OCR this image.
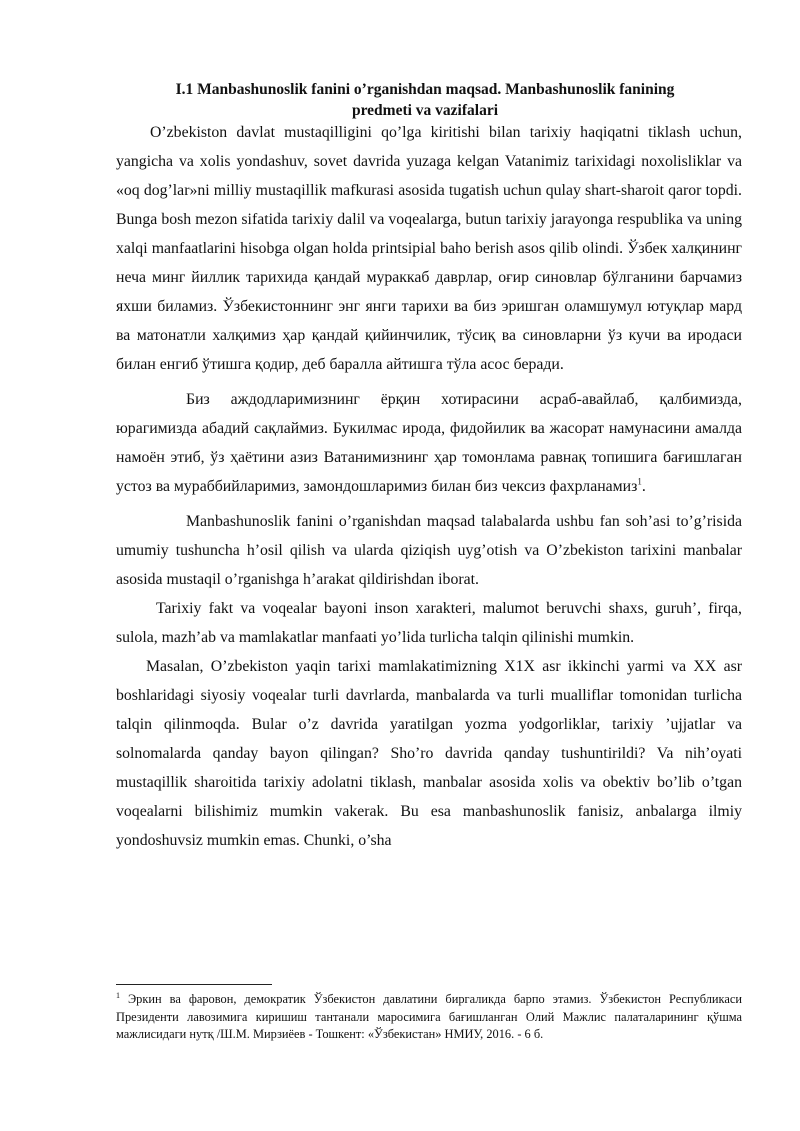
I.1 Manbashunoslik fanini o’rganishdan maqsad. Manbashunoslik fanining
predmeti va vazifalari

O’zbekiston davlat mustaqilligini qo’lga kiritishi bilan tarixiy haqiqatni tiklash uchun, yangicha va xolis yondashuv, sovet davrida yuzaga kelgan Vatanimiz tarixidagi noxolisliklar va «oq dog’lar»ni milliy mustaqillik mafkurasi asosida tugatish uchun qulay shart-sharoit qaror topdi. Bunga bosh mezon sifatida tarixiy dalil va voqealarga, butun tarixiy jarayonga respublika va uning xalqi manfaatlarini hisobga olgan holda printsipial baho berish asos qilib olindi. Ўзбек халқининг неча минг йиллик тарихида қандай мураккаб даврлар, оғир синовлар бўлганини барчамиз яхши биламиз. Ўзбекистоннинг энг янги тарихи ва биз эришган оламшумул ютуқлар мард ва матонатли халқимиз ҳар қандай қийинчилик, тўсиқ ва синовларни ўз кучи ва иродаси билан енгиб ўтишга қодир, деб баралла айтишга тўла асос беради.

Биз аждодларимизнинг ёрқин хотирасини асраб-авайлаб, қалбимизда, юрагимизда абадий сақлаймиз. Букилмас ирода, фидойилик ва жасорат намунасини амалда намоён этиб, ўз ҳаётини азиз Ватанимизнинг ҳар томонлама равнақ топишига бағишлаган устоз ва мураббийларимиз, замондошларимиз билан биз чексиз фахрланамиз$^1$.

Manbashunoslik fanini o’rganishdan maqsad talabalarda ushbu fan soh’asi to’g’risida umumiy tushuncha h’osil qilish va ularda qiziqish uyg’otish va O’zbekiston tarixini manbalar asosida mustaqil o’rganishga h’arakat qildirishdan iborat.

Tarixiy fakt va voqealar bayoni inson xarakteri, malumot beruvchi shaxs, guruh’, firqa, sulola, mazh’ab va mamlakatlar manfaati yo’lida turlicha talqin qilinishi mumkin.

Masalan, O’zbekiston yaqin tarixi mamlakatimizning X1X asr ikkinchi yarmi va XX asr boshlaridagi siyosiy voqealar turli davrlarda, manbalarda va turli mualliflar tomonidan turlicha talqin qilinmoqda. Bular o’z davrida yaratilgan yozma yodgorliklar, tarixiy ’ujjatlar va solnomalarda qanday bayon qilingan? Sho’ro davrida qanday tushuntirildi? Va nih’oyati mustaqillik sharoitida tarixiy adolatni tiklash, manbalar asosida xolis va obektiv bo’lib o’tgan voqealarni bilishimiz mumkin vakerak. Bu esa manbashunoslik fanisiz, anbalarga ilmiy yondoshuvsiz mumkin emas. Chunki, o’sha

$^1$ Эркин ва фаровон, демократик Ўзбекистон давлатини биргаликда барпо этамиз. Ўзбекистон Республикаси Президенти лавозимига киришиш тантанали маросимига бағишланган Олий Мажлис палаталарининг қўшма мажлисидаги нутқ /Ш.М. Мирзиёев - Тошкент: «Ўзбекистан» НМИУ, 2016. - 6 б.
